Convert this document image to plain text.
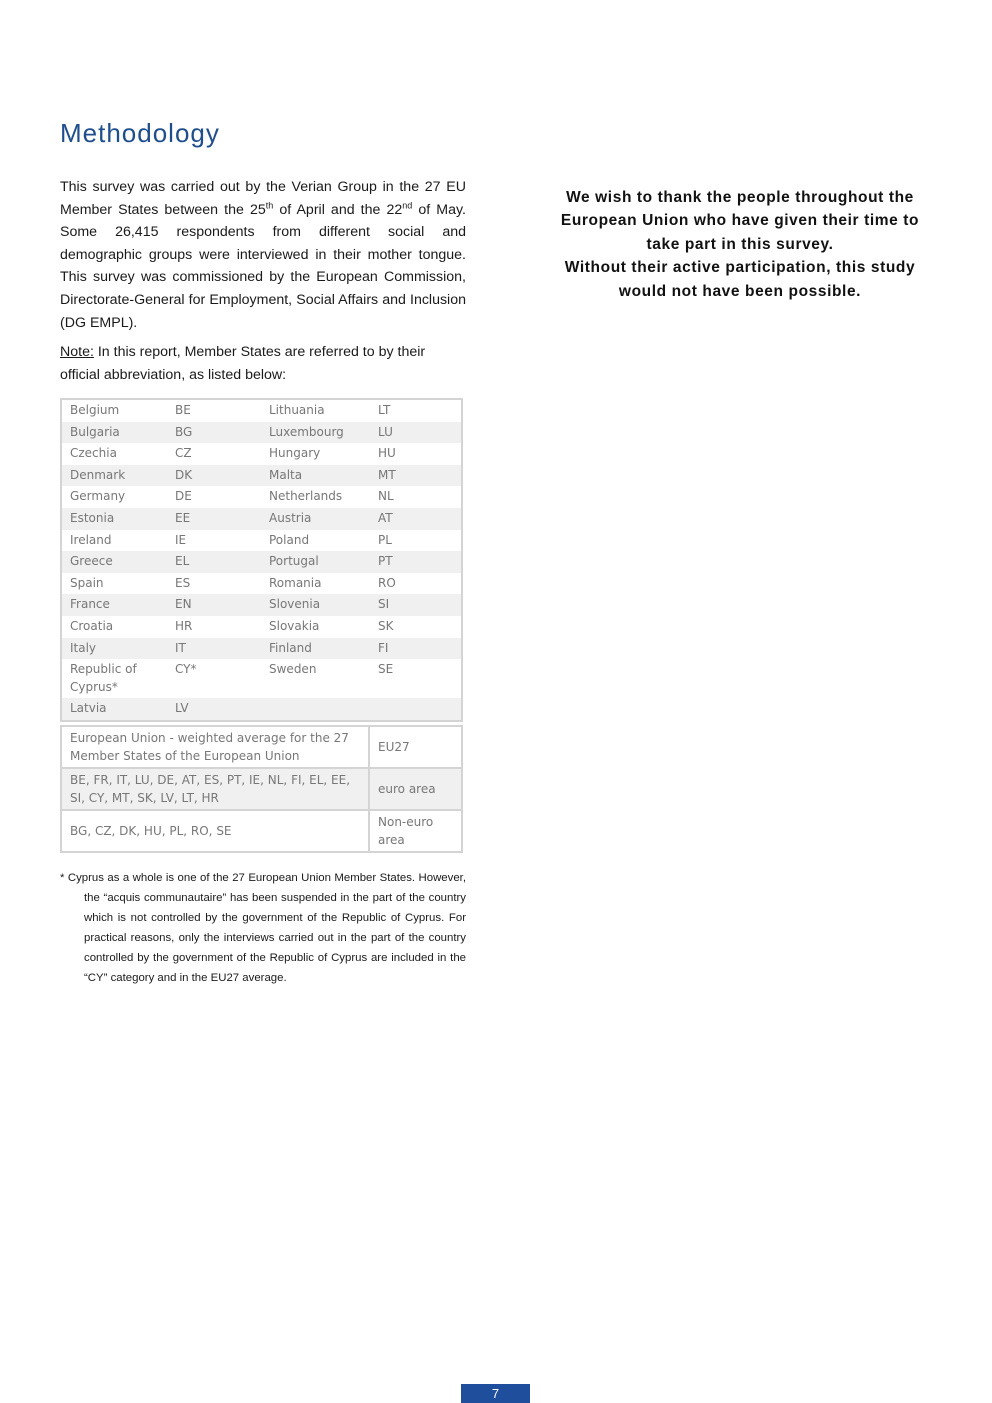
Methodology

This survey was carried out by the Verian Group in the 27 EU Member States between the 25th of April and the 22nd of May. Some 26,415 respondents from different social and demographic groups were interviewed in their mother tongue. This survey was commissioned by the European Commission, Directorate-General for Employment, Social Affairs and Inclusion (DG EMPL).

Note: In this report, Member States are referred to by their official abbreviation, as listed below:

We wish to thank the people throughout the
European Union who have given their time to
take part in this survey.
Without their active participation, this study
would not have been possible.
Belgium	BE	Lithuania	LT
Bulgaria	BG	Luxembourg	LU
Czechia	CZ	Hungary	HU
Denmark	DK	Malta	MT
Germany	DE	Netherlands	NL
Estonia	EE	Austria	AT
Ireland	IE	Poland	PL
Greece	EL	Portugal	PT
Spain	ES	Romania	RO
France	EN	Slovenia	SI
Croatia	HR	Slovakia	SK
Italy	IT	Finland	FI
Republic of Cyprus*	CY*	Sweden	SE
Latvia	LV		
European Union - weighted average for the 27 Member States of the European Union	EU27
BE, FR, IT, LU, DE, AT, ES, PT, IE, NL, FI, EL, EE, SI, CY, MT, SK, LV, LT, HR	euro area
BG, CZ, DK, HU, PL, RO, SE	Non-euro area

* Cyprus as a whole is one of the 27 European Union Member States. However, the “acquis communautaire” has been suspended in the part of the country which is not controlled by the government of the Republic of Cyprus. For practical reasons, only the interviews carried out in the part of the country controlled by the government of the Republic of Cyprus are included in the “CY” category and in the EU27 average.

7
